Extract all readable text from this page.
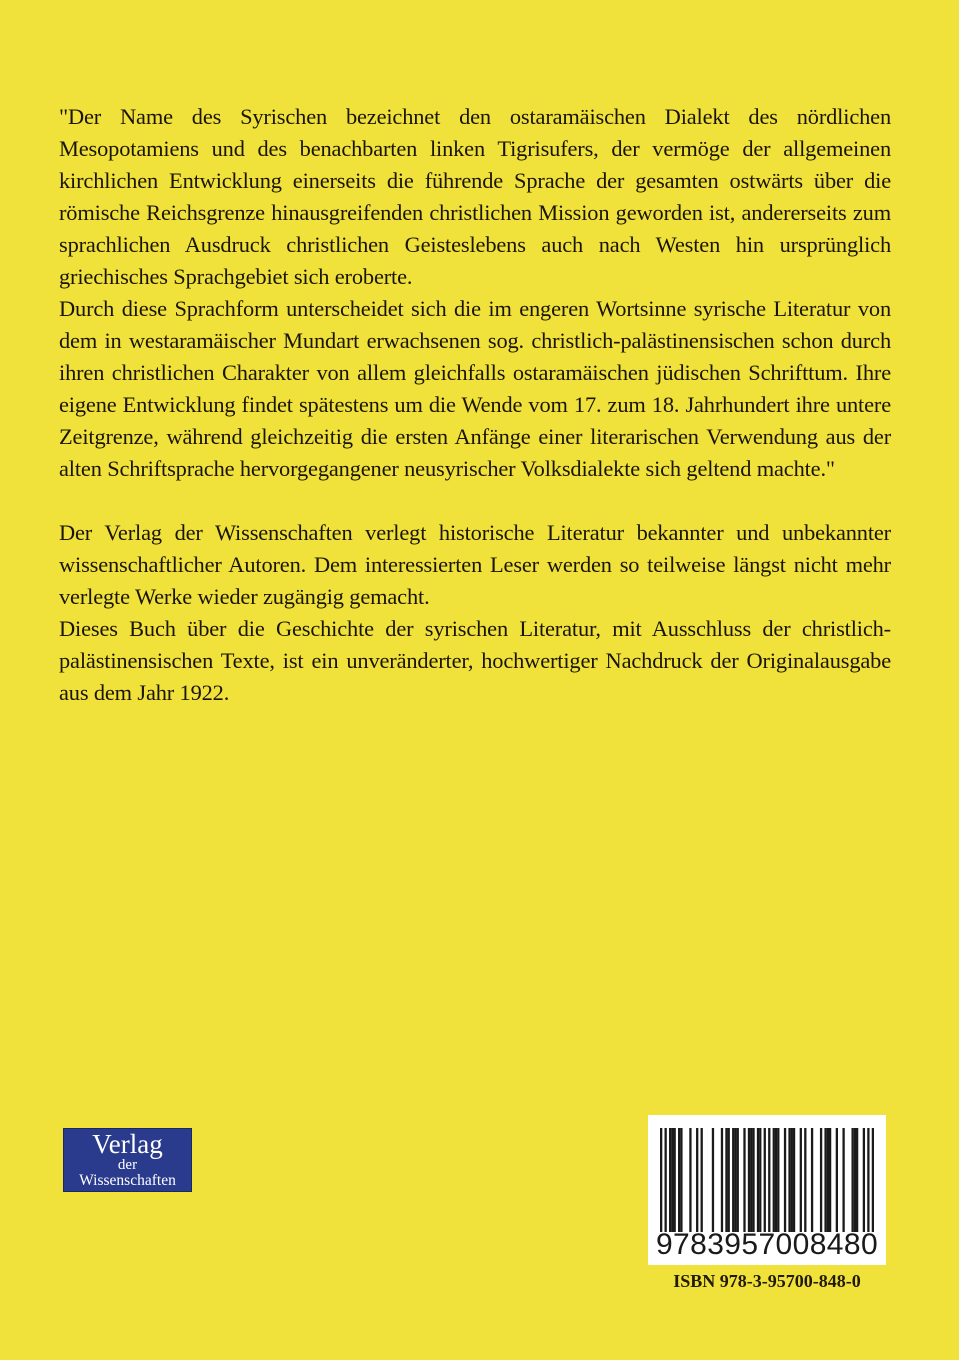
"Der Name des Syrischen bezeichnet den ostaramäischen Dialekt des nördlichen Mesopotamiens und des benachbarten linken Tigrisufers, der vermöge der allgemeinen kirchlichen Entwicklung einerseits die führende Sprache der gesamten ostwärts über die römische Reichsgrenze hinausgreifenden christlichen Mission geworden ist, andererseits zum sprachlichen Ausdruck christlichen Geisteslebens auch nach Westen hin ursprünglich griechisches Sprachgebiet sich eroberte.

Durch diese Sprachform unterscheidet sich die im engeren Wortsinne syrische Literatur von dem in westaramäischer Mundart erwachsenen sog. christlich-palästinensischen schon durch ihren christlichen Charakter von allem gleichfalls ostaramäischen jüdischen Schrifttum. Ihre eigene Entwicklung findet spätestens um die Wende vom 17. zum 18. Jahrhundert ihre untere Zeitgrenze, während gleichzeitig die ersten Anfänge einer literarischen Verwendung aus der alten Schriftsprache hervorgegangener neusyrischer Volksdialekte sich geltend machte."

Der Verlag der Wissenschaften verlegt historische Literatur bekannter und unbekannter wissenschaftlicher Autoren. Dem interessierten Leser werden so teilweise längst nicht mehr verlegte Werke wieder zugängig gemacht.

Dieses Buch über die Geschichte der syrischen Literatur, mit Ausschluss der christlich-palästinensischen Texte, ist ein unveränderter, hochwertiger Nachdruck der Originalausgabe aus dem Jahr 1922.

Verlag
der
Wissenschaften
9783957008480
ISBN 978-3-95700-848-0
